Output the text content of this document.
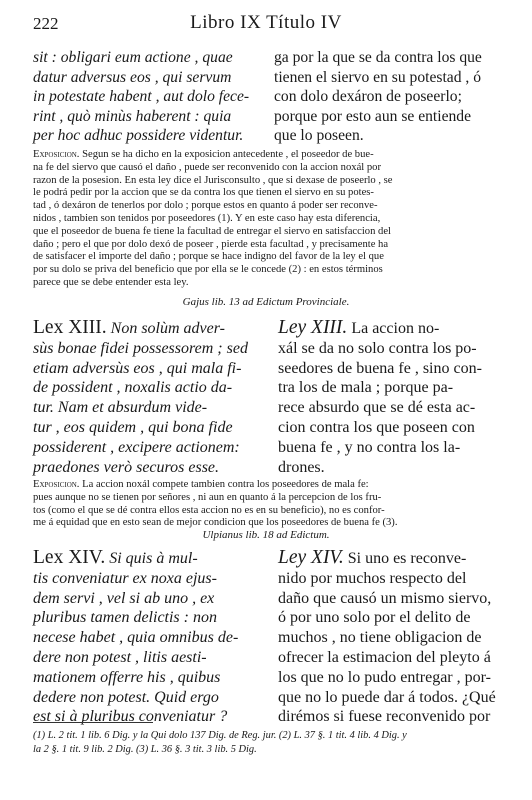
222	Libro IX Título IV
sit : obligari eum actione , quae
datur adversus eos , qui servum
in potestate habent , aut dolo fece-
rint , quò minùs haberent : quia
per hoc adhuc possidere videntur.
ga por la que se da contra los que
tienen el siervo en su potestad , ó
con dolo dexáron de poseerlo;
porque por esto aun se entiende
que lo poseen.
Exposicion. Segun se ha dicho en la exposicion antecedente , el poseedor de bue-
na fe del siervo que causó el daño , puede ser reconvenido con la accion noxál por
razon de la posesion. En esta ley dice el Jurisconsulto , que si dexase de poseerlo , se
le podrá pedir por la accion que se da contra los que tienen el siervo en su potes-
tad , ó dexáron de tenerlos por dolo ; porque estos en quanto á poder ser reconve-
nidos , tambien son tenidos por poseedores (1). Y en este caso hay esta diferencia,
que el poseedor de buena fe tiene la facultad de entregar el siervo en satisfaccion del
daño ; pero el que por dolo dexó de poseer , pierde esta facultad , y precisamente ha
de satisfacer el importe del daño ; porque se hace indigno del favor de la ley el que
por su dolo se priva del beneficio que por ella se le concede (2) : en estos términos
parece que se debe entender esta ley.
Gajus lib. 13 ad Edictum Provinciale.
Lex XIII. Non solùm adver-
sùs bonae fidei possessorem ; sed
etiam adversùs eos , qui mala fi-
de possident , noxalis actio da-
tur. Nam et absurdum vide-
tur , eos quidem , qui bona fide
possiderent , excipere actionem:
praedones verò securos esse.
Ley XIII. La accion no-
xál se da no solo contra los po-
seedores de buena fe , sino con-
tra los de mala ; porque pa-
rece absurdo que se dé esta ac-
cion contra los que poseen con
buena fe , y no contra los la-
drones.
Exposicion. La accion noxál compete tambien contra los poseedores de mala fe:
pues aunque no se tienen por señores , ni aun en quanto á la percepcion de los fru-
tos (como el que se dé contra ellos esta accion no es en su beneficio), no es confor-
me á equidad que en esto sean de mejor condicion que los poseedores de buena fe (3).
Ulpianus lib. 18 ad Edictum.
Lex XIV. Si quis à mul-
tis conveniatur ex noxa ejus-
dem servi , vel si ab uno , ex
pluribus tamen delictis : non
necese habet , quia omnibus de-
dere non potest , litis aesti-
mationem offerre his , quibus
dedere non potest. Quid ergo
est si à pluribus conveniatur ?
Ley XIV. Si uno es reconve-
nido por muchos respecto del
daño que causó un mismo siervo,
ó por uno solo por el delito de
muchos , no tiene obligacion de
ofrecer la estimacion del pleyto á
los que no lo pudo entregar , por-
que no lo puede dar á todos. ¿Qué
dirémos si fuese reconvenido por
(1) L. 2 tit. 1 lib. 6 Dig. y la Qui dolo 137 Dig. de Reg. jur. (2) L. 37 §. 1 tit. 4 lib. 4 Dig. y
la 2 §. 1 tit. 9 lib. 2 Dig. (3) L. 36 §. 3 tit. 3 lib. 5 Dig.
